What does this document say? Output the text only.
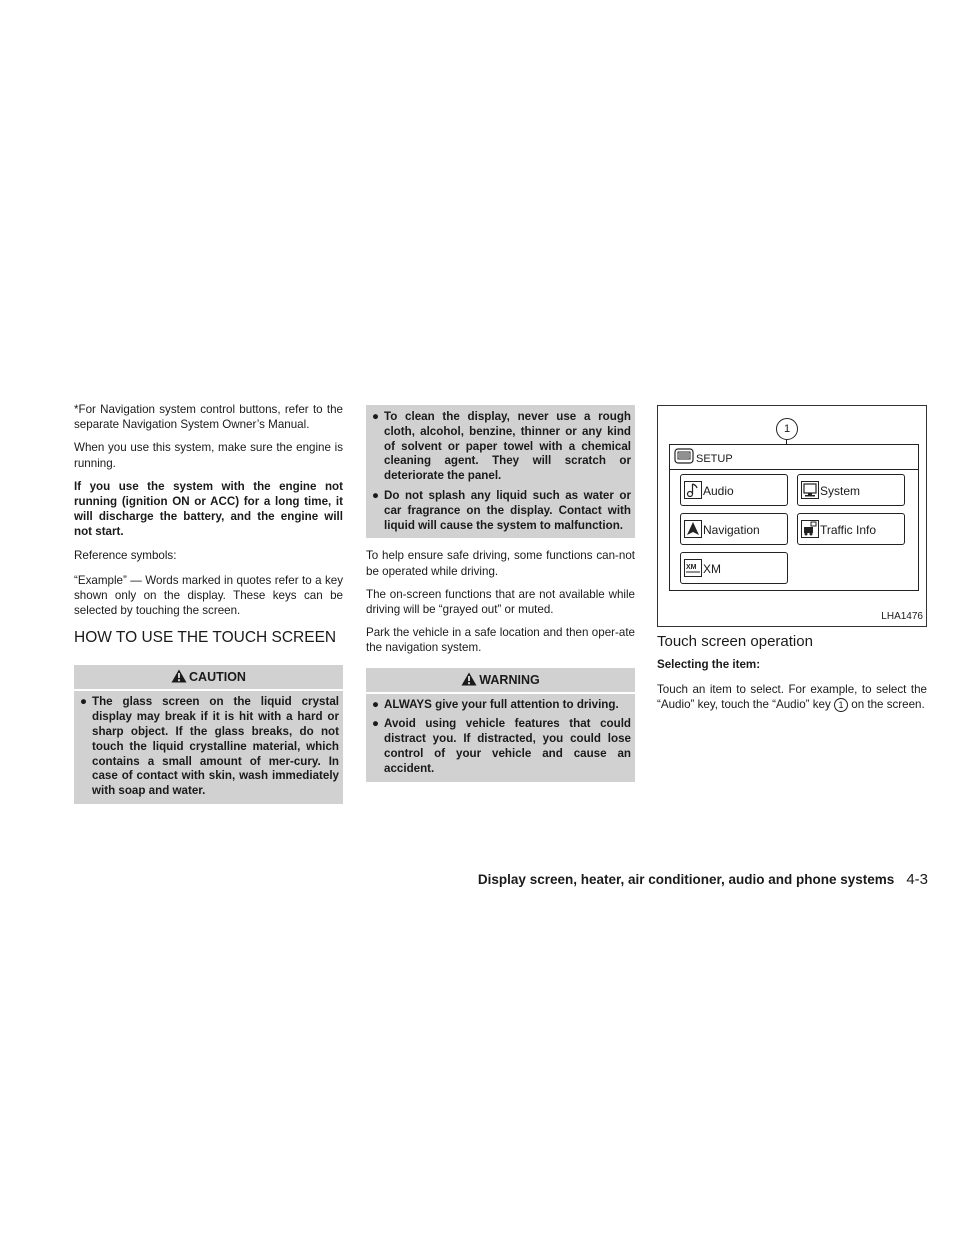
*For Navigation system control buttons, refer to the separate Navigation System Owner’s Manual.

When you use this system, make sure the engine is running.

If you use the system with the engine not running (ignition ON or ACC) for a long time, it will discharge the battery, and the engine will not start.

Reference symbols:

“Example” — Words marked in quotes refer to a key shown only on the display. These keys can be selected by touching the screen.

HOW TO USE THE TOUCH SCREEN
CAUTION
● The glass screen on the liquid crystal display may break if it is hit with a hard or sharp object. If the glass breaks, do not touch the liquid crystalline material, which contains a small amount of mer-cury. In case of contact with skin, wash immediately with soap and water.
● To clean the display, never use a rough cloth, alcohol, benzine, thinner or any kind of solvent or paper towel with a chemical cleaning agent. They will scratch or deteriorate the panel.
● Do not splash any liquid such as water or car fragrance on the display. Contact with liquid will cause the system to malfunction.

To help ensure safe driving, some functions can-not be operated while driving.

The on-screen functions that are not available while driving will be “grayed out” or muted.

Park the vehicle in a safe location and then oper-ate the navigation system.

WARNING
● ALWAYS give your full attention to driving.
● Avoid using vehicle features that could distract you. If distracted, you could lose control of your vehicle and cause an accident.
1
SETUP
Audio	System
Navigation	Traffic Info
XM XM
LHA1476
Touch screen operation

Selecting the item:

Touch an item to select. For example, to select the “Audio” key, touch the “Audio” key 1 on the screen.

Display screen, heater, air conditioner, audio and phone systems 4-3
